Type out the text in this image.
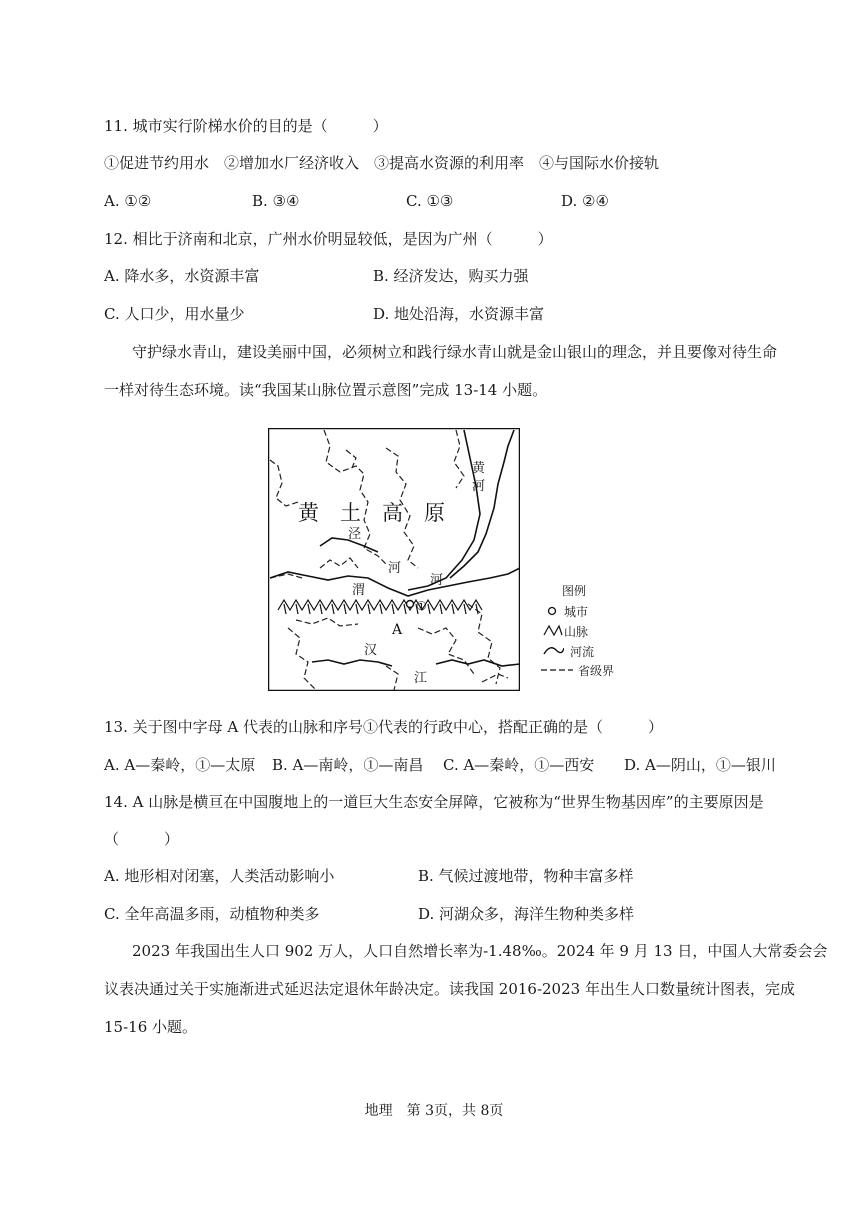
11. 城市实行阶梯水价的目的是（　　　）
①促进节约用水　②增加水厂经济收入　③提高水资源的利用率　④与国际水价接轨
A. ①②	B. ③④	C. ①③	D. ②④
12. 相比于济南和北京，广州水价明显较低，是因为广州（　　　）
A. 降水多，水资源丰富	B. 经济发达，购买力强
C. 人口少，用水量少	D. 地处沿海，水资源丰富
守护绿水青山，建设美丽中国，必须树立和践行绿水青山就是金山银山的理念，并且要像对待生命
一样对待生态环境。读“我国某山脉位置示意图”完成 13-14 小题。
黄　土　高　原
黄
河
泾
河
渭
河
A
①
汉
江
图例
城市
山脉
河流
省级界
13. 关于图中字母 A 代表的山脉和序号①代表的行政中心，搭配正确的是（　　　）
A. A—秦岭，①—太原 B. A—南岭，①—南昌 C. A—秦岭，①—西安 D. A—阴山，①—银川
14. A 山脉是横亘在中国腹地上的一道巨大生态安全屏障，它被称为“世界生物基因库”的主要原因是
（　　　）
A. 地形相对闭塞，人类活动影响小	B. 气候过渡地带，物种丰富多样
C. 全年高温多雨，动植物种类多	D. 河湖众多，海洋生物种类多样
2023 年我国出生人口 902 万人，人口自然增长率为-1.48‰。2024 年 9 月 13 日，中国人大常委会会
议表决通过关于实施渐进式延迟法定退休年龄决定。读我国 2016-2023 年出生人口数量统计图表，完成
15-16 小题。
地理　第 3页，共 8页
